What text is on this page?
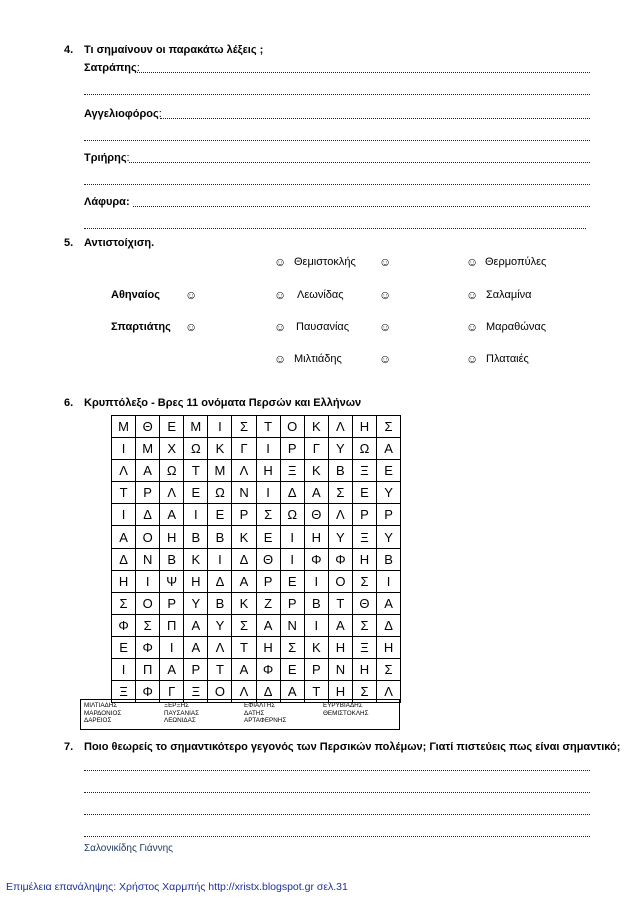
4. Τι σημαίνουν οι παρακάτω λέξεις ;
Σατράπης:
Αγγελιοφόρος:
Τριήρης:
Λάφυρα:
5. Αντιστοίχιση.
☺ Θεμιστοκλής ☺	☺ Θερμοπύλες
Αθηναίος ☺	☺ Λεωνίδας	☺	☺ Σαλαμίνα
Σπαρτιάτης ☺	☺ Παυσανίας ☺	☺ Μαραθώνας
☺ Μιλτιάδης	☺	☺ Πλαταιές
6. Κρυπτόλεξο - Βρες 11 ονόματα Περσών και Ελλήνων
Μ	Θ	Ε	Μ	Ι	Σ	Τ	Ο	Κ	Λ	Η	Σ
Ι	Μ	Χ	Ω	Κ	Γ	Ι	Ρ	Γ	Υ	Ω	Α
Λ	Α	Ω	Τ	Μ	Λ	Η	Ξ	Κ	Β	Ξ	Ε
Τ	Ρ	Λ	Ε	Ω	Ν	Ι	Δ	Α	Σ	Ε	Υ
Ι	Δ	Α	Ι	Ε	Ρ	Σ	Ω	Θ	Λ	Ρ	Ρ
Α	Ο	Η	Β	Β	Κ	Ε	Ι	Η	Υ	Ξ	Υ
Δ	Ν	Β	Κ	Ι	Δ	Θ	Ι	Φ	Φ	Η	Β
Η	Ι	Ψ	Η	Δ	Α	Ρ	Ε	Ι	Ο	Σ	Ι
Σ	Ο	Ρ	Υ	Β	Κ	Ζ	Ρ	Β	Τ	Θ	Α
Φ	Σ	Π	Α	Υ	Σ	Α	Ν	Ι	Α	Σ	Δ
Ε	Φ	Ι	Α	Λ	Τ	Η	Σ	Κ	Η	Ξ	Η
Ι	Π	Α	Ρ	Τ	Α	Φ	Ε	Ρ	Ν	Η	Σ
Ξ	Φ	Γ	Ξ	Ο	Λ	Δ	Α	Τ	Η	Σ	Λ
ΜΙΛΤΙΑΔΗΣ
ΜΑΡΔΟΝΙΟΣ
ΔΑΡΕΙΟΣ
ΞΕΡΞΗΣ
ΠΑΥΣΑΝΙΑΣ
ΛΕΩΝΙΔΑΣ
ΕΦΙΑΛΤΗΣ
ΔΑΤΗΣ
ΑΡΤΑΦΕΡΝΗΣ
ΕΥΡΥΒΙΑΔΗΣ
ΘΕΜΙΣΤΟΚΛΗΣ
7. Ποιο θεωρείς το σημαντικότερο γεγονός των Περσικών πολέμων; Γιατί πιστεύεις πως είναι σημαντικό;
Σαλονικίδης Γιάννης
Επιμέλεια επανάληψης: Χρήστος Χαρμπής http://xristx.blogspot.gr σελ.31
